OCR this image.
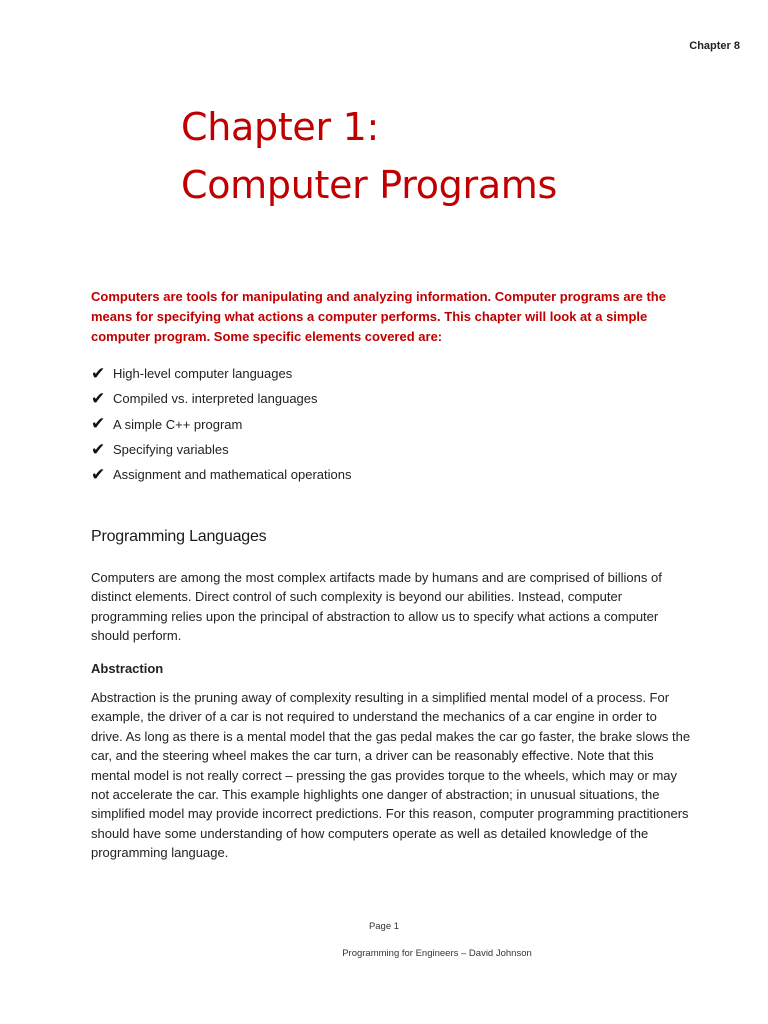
Chapter 8
Chapter 1:
Computer Programs

Computers are tools for manipulating and analyzing information. Computer programs are the means for specifying what actions a computer performs. This chapter will look at a simple computer program. Some specific elements covered are:

✔ High-level computer languages
✔ Compiled vs. interpreted languages
✔ A simple C++ program
✔ Specifying variables
✔ Assignment and mathematical operations
Programming Languages

Computers are among the most complex artifacts made by humans and are comprised of billions of distinct elements. Direct control of such complexity is beyond our abilities. Instead, computer programming relies upon the principal of abstraction to allow us to specify what actions a computer should perform.

Abstraction

Abstraction is the pruning away of complexity resulting in a simplified mental model of a process. For example, the driver of a car is not required to understand the mechanics of a car engine in order to drive. As long as there is a mental model that the gas pedal makes the car go faster, the brake slows the car, and the steering wheel makes the car turn, a driver can be reasonably effective. Note that this mental model is not really correct – pressing the gas provides torque to the wheels, which may or may not accelerate the car. This example highlights one danger of abstraction; in unusual situations, the simplified model may provide incorrect predictions. For this reason, computer programming practitioners should have some understanding of how computers operate as well as detailed knowledge of the programming language.

Page 1
Programming for Engineers – David Johnson
